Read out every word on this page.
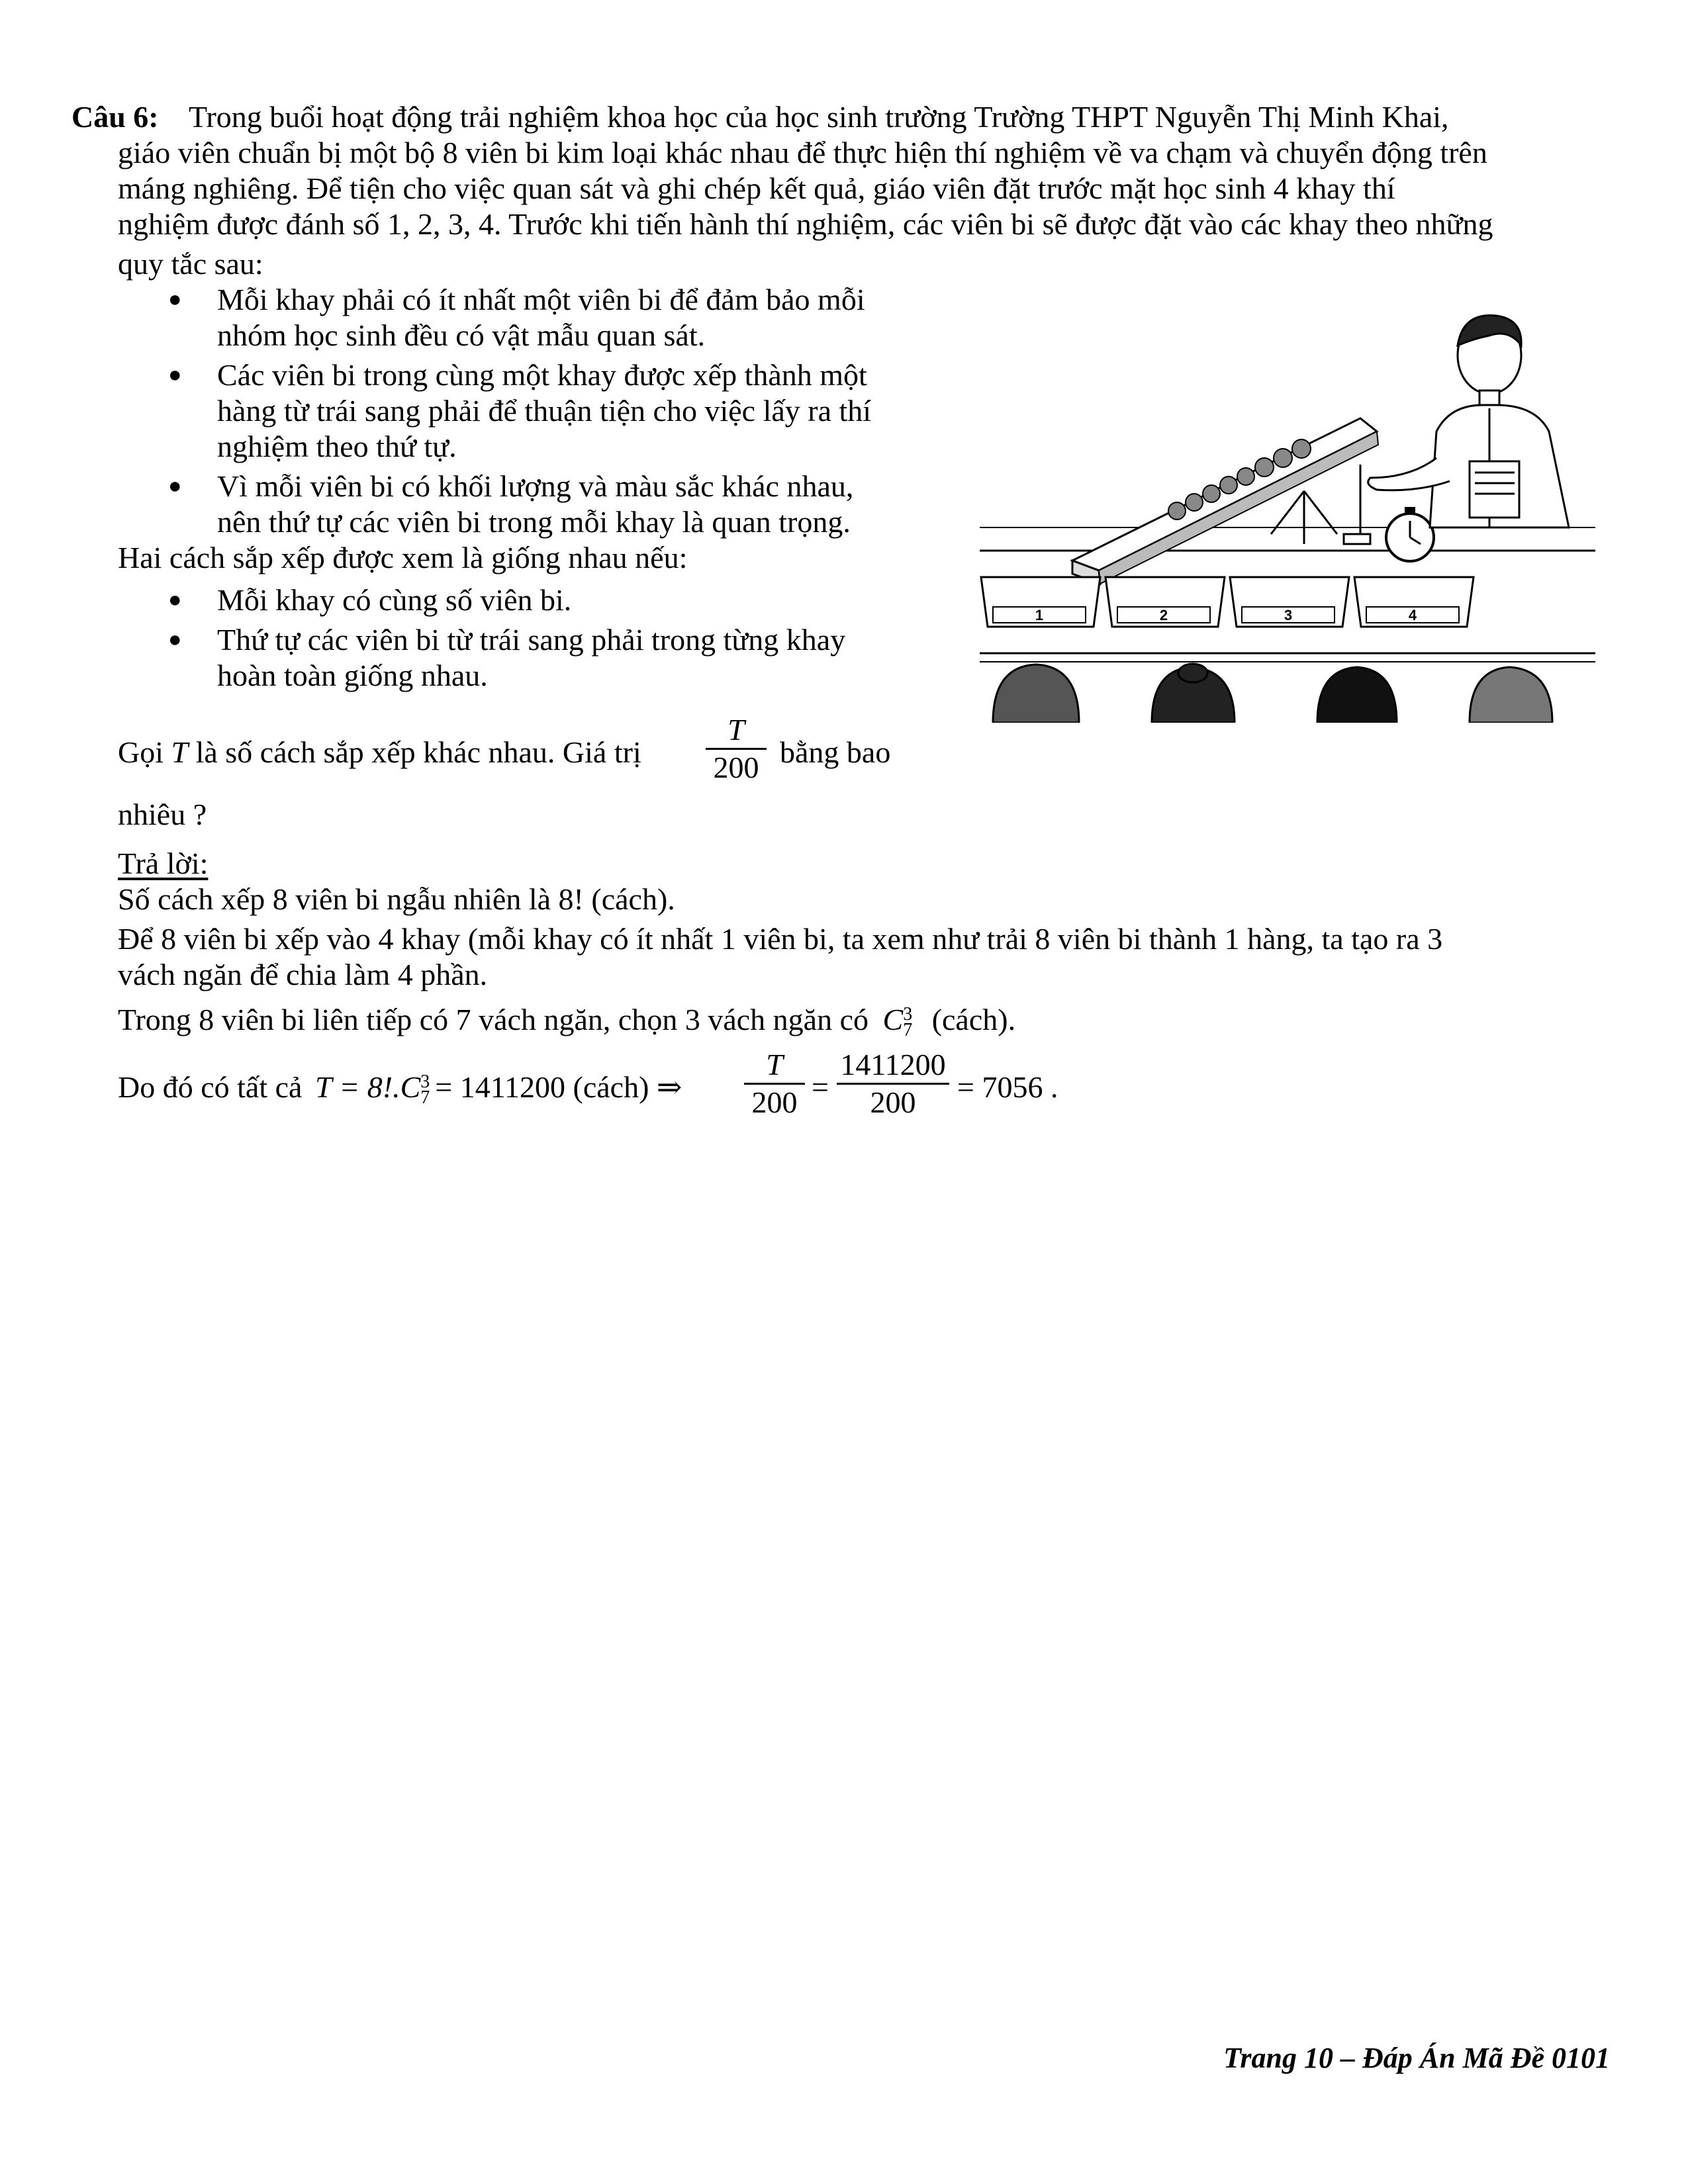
Câu 6: Trong buổi hoạt động trải nghiệm khoa học của học sinh trường Trường THPT Nguyễn Thị Minh Khai,
giáo viên chuẩn bị một bộ 8 viên bi kim loại khác nhau để thực hiện thí nghiệm về va chạm và chuyển động trên
máng nghiêng. Để tiện cho việc quan sát và ghi chép kết quả, giáo viên đặt trước mặt học sinh 4 khay thí
nghiệm được đánh số 1, 2, 3, 4. Trước khi tiến hành thí nghiệm, các viên bi sẽ được đặt vào các khay theo những
quy tắc sau:
● Mỗi khay phải có ít nhất một viên bi để đảm bảo mỗi
nhóm học sinh đều có vật mẫu quan sát.
● Các viên bi trong cùng một khay được xếp thành một
hàng từ trái sang phải để thuận tiện cho việc lấy ra thí
nghiệm theo thứ tự.
● Vì mỗi viên bi có khối lượng và màu sắc khác nhau,
nên thứ tự các viên bi trong mỗi khay là quan trọng.
Hai cách sắp xếp được xem là giống nhau nếu:
● Mỗi khay có cùng số viên bi.
● Thứ tự các viên bi từ trái sang phải trong từng khay
hoàn toàn giống nhau.
Gọi T là số cách sắp xếp khác nhau. Giá trị
T
200 bằng bao
nhiêu ?
1	2	3	4
Trả lời:
Số cách xếp 8 viên bi ngẫu nhiên là 8! (cách).
Để 8 viên bi xếp vào 4 khay (mỗi khay có ít nhất 1 viên bi, ta xem như trải 8 viên bi thành 1 hàng, ta tạo ra 3
vách ngăn để chia làm 4 phần.
Trong 8 viên bi liên tiếp có 7 vách ngăn, chọn 3 vách ngăn có C 3
7 (cách).
Do đó có tất cả T = 8!.C 3
7 = 1411200 (cách) ⇒
T
200 =
1411200
200	= 7056 .
Trang 10 – Đáp Án Mã Đề 0101
